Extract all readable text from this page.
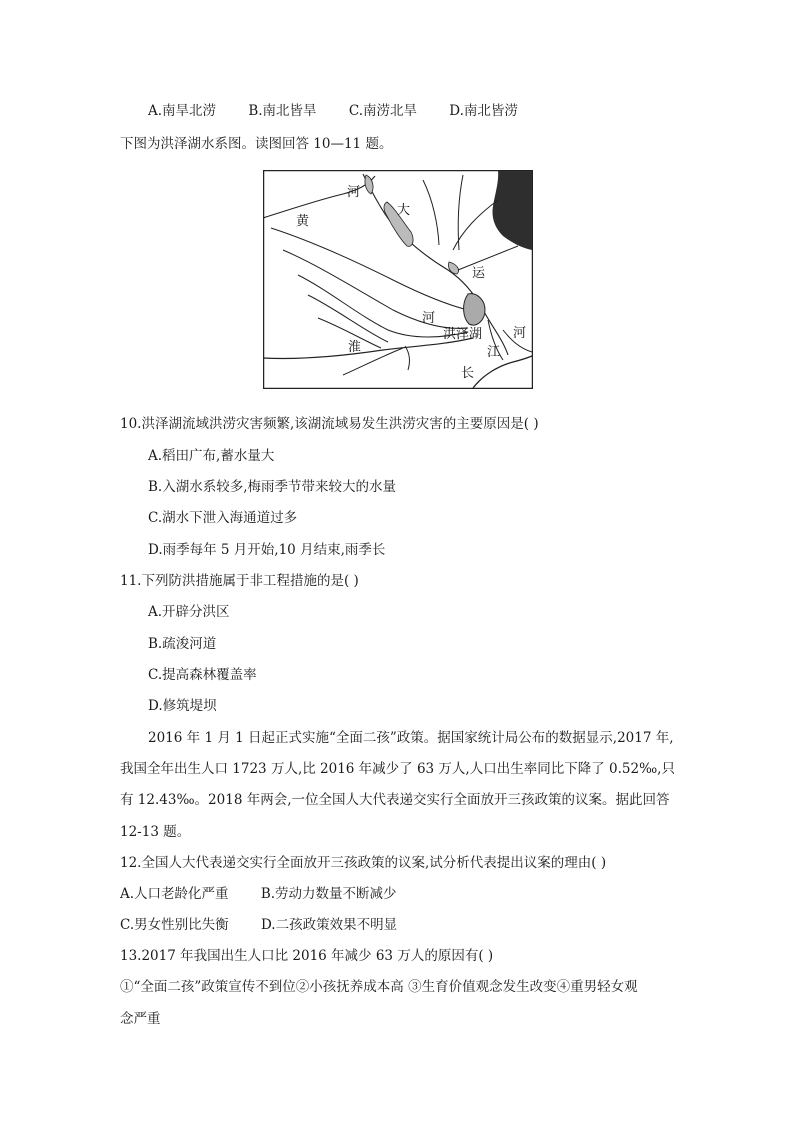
A.南旱北涝 B.南北皆旱 C.南涝北旱 D.南北皆涝
下图为洪泽湖水系图。读图回答 10—11 题。
河
黄
大
运
河
洪泽湖 河
淮	江
长
10.洪泽湖流域洪涝灾害频繁,该湖流域易发生洪涝灾害的主要原因是( )
A.稻田广布,蓄水量大
B.入湖水系较多,梅雨季节带来较大的水量
C.湖水下泄入海通道过多
D.雨季每年 5 月开始,10 月结束,雨季长
11.下列防洪措施属于非工程措施的是( )
A.开辟分洪区
B.疏浚河道
C.提高森林覆盖率
D.修筑堤坝
2016 年 1 月 1 日起正式实施“全面二孩”政策。据国家统计局公布的数据显示,2017 年,
我国全年出生人口 1723 万人,比 2016 年减少了 63 万人,人口出生率同比下降了 0.52‰,只
有 12.43‰。2018 年两会,一位全国人大代表递交实行全面放开三孩政策的议案。据此回答
12-13 题。
12.全国人大代表递交实行全面放开三孩政策的议案,试分析代表提出议案的理由( )
A.人口老龄化严重 B.劳动力数量不断减少
C.男女性别比失衡 D.二孩政策效果不明显
13.2017 年我国出生人口比 2016 年减少 63 万人的原因有( )
①“全面二孩”政策宣传不到位②小孩抚养成本高 ③生育价值观念发生改变④重男轻女观
念严重
